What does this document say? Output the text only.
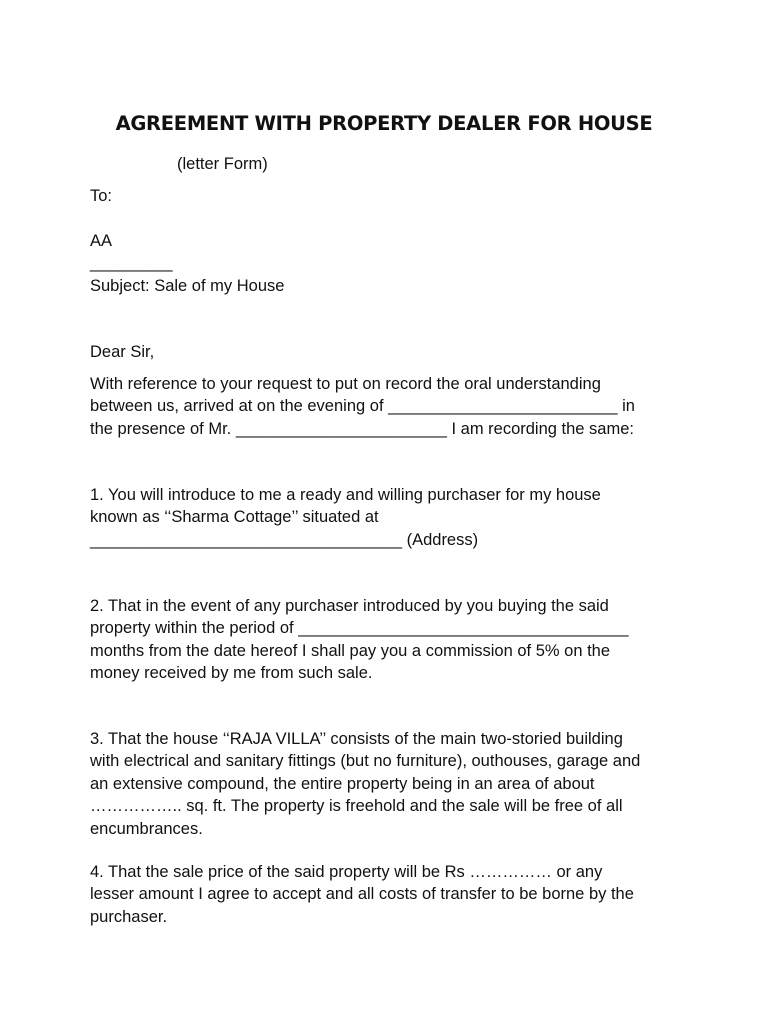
AGREEMENT WITH PROPERTY DEALER FOR HOUSE
(letter Form)
To:
AA
_________
Subject: Sale of my House
Dear Sir,
With reference to your request to put on record the oral understanding
between us, arrived at on the evening of _________________________ in
the presence of Mr. _______________________ I am recording the same:
1. You will introduce to me a ready and willing purchaser for my house
known as ‘‘Sharma Cottage’’ situated at
__________________________________ (Address)
2. That in the event of any purchaser introduced by you buying the said
property within the period of ____________________________________
months from the date hereof I shall pay you a commission of 5% on the
money received by me from such sale.
3. That the house ‘‘RAJA VILLA’’ consists of the main two-storied building
with electrical and sanitary fittings (but no furniture), outhouses, garage and
an extensive compound, the entire property being in an area of about
…………….. sq. ft. The property is freehold and the sale will be free of all
encumbrances.
4. That the sale price of the said property will be Rs …………… or any
lesser amount I agree to accept and all costs of transfer to be borne by the
purchaser.
